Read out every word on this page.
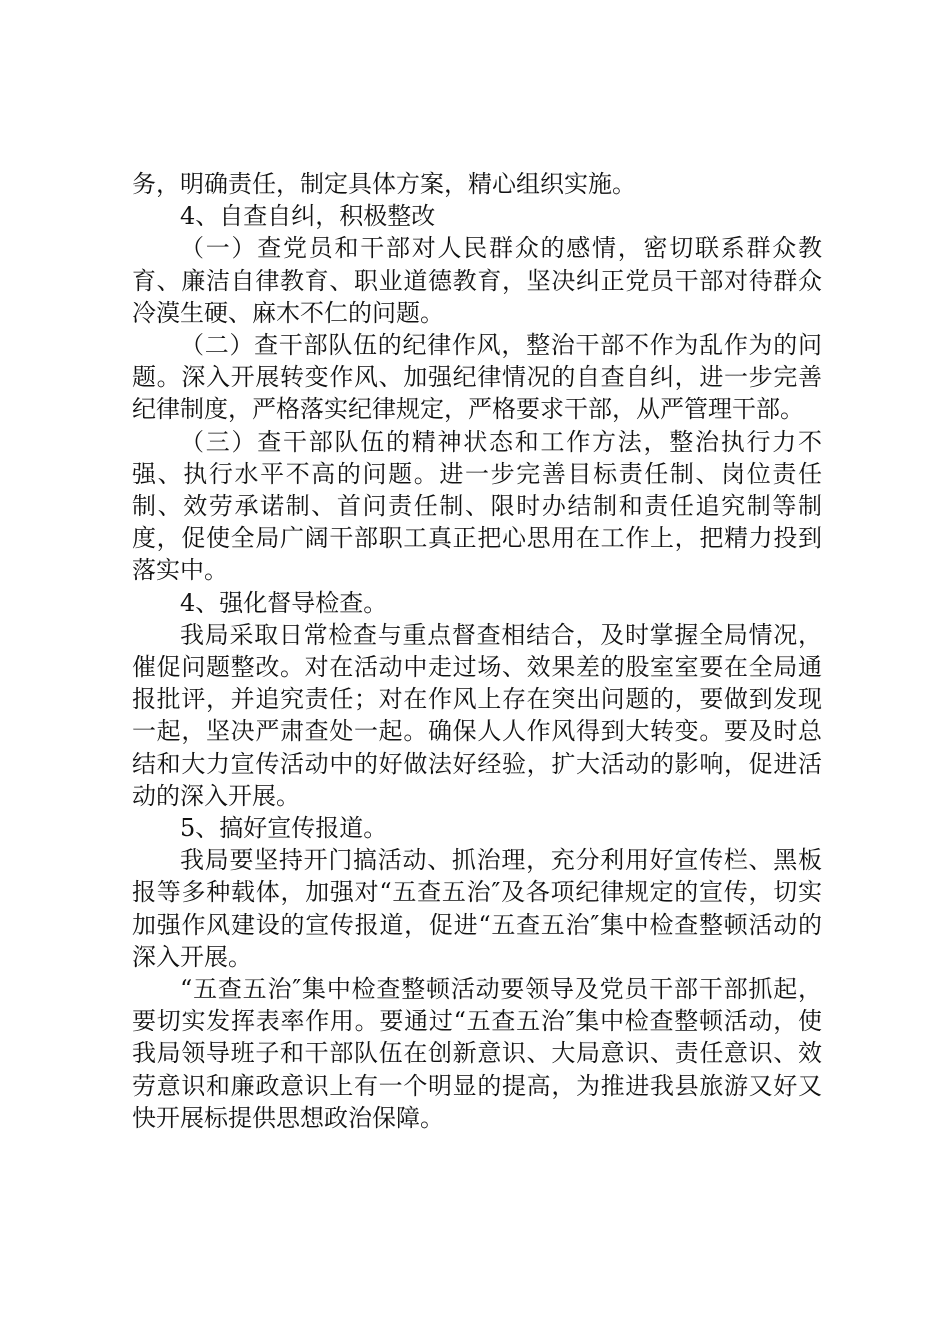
务，明确责任，制定具体方案，精心组织实施。

4、自查自纠，积极整改

（一）查党员和干部对人民群众的感情，密切联系群众教育、廉洁自律教育、职业道德教育，坚决纠正党员干部对待群众冷漠生硬、麻木不仁的问题。

（二）查干部队伍的纪律作风，整治干部不作为乱作为的问题。深入开展转变作风、加强纪律情况的自查自纠，进一步完善纪律制度，严格落实纪律规定，严格要求干部，从严管理干部。

（三）查干部队伍的精神状态和工作方法，整治执行力不强、执行水平不高的问题。进一步完善目标责任制、岗位责任制、效劳承诺制、首问责任制、限时办结制和责任追究制等制度，促使全局广阔干部职工真正把心思用在工作上，把精力投到落实中。

4、强化督导检查。

我局采取日常检查与重点督查相结合，及时掌握全局情况，催促问题整改。对在活动中走过场、效果差的股室室要在全局通报批评，并追究责任；对在作风上存在突出问题的，要做到发现一起，坚决严肃查处一起。确保人人作风得到大转变。要及时总结和大力宣传活动中的好做法好经验，扩大活动的影响，促进活动的深入开展。

5、搞好宣传报道。

我局要坚持开门搞活动、抓治理，充分利用好宣传栏、黑板报等多种载体，加强对“五查五治″及各项纪律规定的宣传，切实加强作风建设的宣传报道，促进“五查五治″集中检查整顿活动的深入开展。

“五查五治″集中检查整顿活动要领导及党员干部干部抓起，要切实发挥表率作用。要通过“五查五治″集中检查整顿活动，使我局领导班子和干部队伍在创新意识、大局意识、责任意识、效劳意识和廉政意识上有一个明显的提高，为推进我县旅游又好又快开展标提供思想政治保障。
